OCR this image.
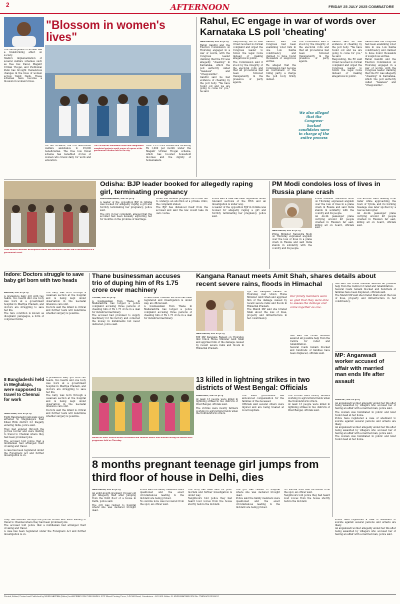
2	AFTERNOON	FRIDAY 25 JULY 2025 COIMBATORE
"Blossom in women's lives"

The development of women has a transforming effect on society.

Stalin's implementation of several welfare schemes such as free bus travel, Magalir Urimai Thogai, and Pudhumai Penn has brought tremendous changes in the lives of women across Tamil Nadu. These schemes have become a blossom in women's lives.

On the occasion, the CM distributed welfare assistance to 25,000 beneficiaries. The free bus travel scheme has benefited crores of women who travel daily for work and education.

The CM laid the foundation stone and inaugurated completed projects worth crores of rupees at the government function held in the city.

Over 1.15 crore women are receiving Rs 1,000 per month under the Magalir Urimai Thogai scheme, which has boosted household incomes and the dignity of homemakers.

Rahul, EC engage in war of words over Karnataka LS poll 'cheating'
NEW DELHI, JUL 25 (PTI)

Rahul Gandhi and the Election Commission on Thursday engaged in a war of words, with the Congress leader claiming that the EC was allegedly "cheating" in Karnataka, which the poll authority called "baseless" and "irresponsible".

Gandhi said he had evidence of cheating by the poll body. "We have found out and we are going to come for you," he said.

Responding, the EC said it had received no formal complaint and urged the Congress leader to follow the legal route instead of making allegations in public.

The Commission said it stood by the integrity of the electoral rolls and that all procedures had been followed transparently in the presence of party agents.

Gandhi said the Congress had been examining voter lists in one Lok Sabha constituency and claimed to have found thousands of suspicious entries.

He alleged that the Commission had become an instrument of the ruling party, a charge the poll body firmly denied.

The Commission said it stood by the integrity of the electoral rolls and that all procedures had been followed transparently in the presence of party agents.

We also alleged that the Congress-backed candidates were in charge of the entire process

Gandhi said he had evidence of cheating by the poll body. "We have found out and we are going to come for you," he said.

Responding, the EC said it had received no formal complaint and urged the Congress leader to follow the legal route instead of making allegations in public.

Gandhi said the Congress had been examining voter lists in one Lok Sabha constituency and claimed to have found thousands of suspicious entries.

Rahul Gandhi and the Election Commission on Thursday engaged in a war of words, with the Congress leader claiming that the EC was allegedly "cheating" in Karnataka, which the poll authority called "baseless" and "irresponsible".

Odisha: BJP leader booked for allegedly raping girl, terminating pregnancy
Chief Minister launches development works and distributes welfare aid to beneficiaries at a government event.
BHUBANESWAR, JUL 25 (PTI)

A leader of the opposition BJP in Odisha was booked for allegedly raping a girl and forcibly terminating her pregnancy, police said.

The girl, in her complaint, alleged that the accused had been sexually exploiting her for months on the promise of marriage.

When she became pregnant, he forced her to undergo an abortion at a private clinic, the complaint stated.

The BJP has distanced itself from the accused and said the law would take its own course.

Police said a case has been registered under relevant sections of the BNS and an investigation is under way.

A leader of the opposition BJP in Odisha was booked for allegedly raping a girl and forcibly terminating her pregnancy, police said.

PM Modi condoles loss of lives in Russia plane crash
NEW DELHI, JUL 25 (PTI)

Prime Minister Narendra Modi on Thursday expressed anguish over the loss of lives in a plane crash in Russia and said India stands in solidarity with the country and its people.

Prime Minister Narendra Modi on Thursday expressed anguish over the loss of lives in a plane crash in Russia and said India stands in solidarity with the country and its people.

An An-24 passenger plane carrying around 48 people crashed in Russia's far east, killing all on board, officials said.

The aircraft went missing from radar while approaching the town of Tynda, and its burning fuselage was later spotted by a rescue helicopter.

An An-24 passenger plane carrying around 48 people crashed in Russia's far east, killing all on board, officials said.

Indore: Doctors struggle to save baby girl born with two heads
INDORE, JUL 25 (PTI)

A premature baby girl with two heads, two hearts and one body was born at a government hospital in Madhya Pradesh, and doctors are struggling to save her life.

The rare condition is known as dicephalic parapagus, a form of conjoined twins.

The baby was born through a cesarean section at the hospital and is being kept under observation in the neonatal intensive care unit.

Doctors said the infant is critical and further tests will determine whether surgery is possible.

8 Bangladeshi held in Meghalaya, were supposed to travel to Chennai for work
SHILLONG, JUL 25 (PTI)

Eight Bangladeshi nationals were arrested in Meghalaya's East Khasi Hills district for illegally entering India, police said.

They had entered through the porous border and were waiting to travel to Chennai where they had been promised jobs.

The accused told police that a middleman had arranged their crossing and travel.

A case has been registered under the Foreigners Act and further investigation is on.

A premature baby girl with two heads, two hearts and one body was born at a government hospital in Madhya Pradesh, and doctors are struggling to save her life.

The baby was born through a cesarean section at the hospital and is being kept under observation in the neonatal intensive care unit.

Doctors said the infant is critical and further tests will determine whether surgery is possible.

Thane businessman accuses trio of duping him of Rs 1.75 crore over machinery
THANE, JUL 25 (PTI)

A businessman from Thane in Maharashtra has lodged a police complaint accusing three persons of cheating him of Rs 1.75 crore in a deal for industrial machinery.

The accused had promised to supply machinery for his factory and collected the money in instalments but never delivered, police said.

A case under relevant sections has been registered and investigation is under way, an official said.

A businessman from Thane in Maharashtra has lodged a police complaint accusing three persons of cheating him of Rs 1.75 crore in a deal for industrial machinery.

Kangana Ranaut meets Amit Shah, shares details about recent severe rains, floods in Himachal
NEW DELHI, JUL 25 (PTI)

BJP MP Kangana Ranaut on Thursday met Union Home Minister Amit Shah and apprised him of the damage caused by recent severe rains and floods in Himachal Pradesh.

BJP MP Kangana Ranaut on Thursday met Union Home Minister Amit Shah and apprised him of the damage caused by recent severe rains and floods in Himachal Pradesh.

The Mandi MP said she briefed Shah about the loss of lives, property and infrastructure in her constituency.

Our family members were so glad that they were able to assess the damage and come together as one.

She said the Home Minister assured all possible help from the Centre for relief and rehabilitation.

Several roads remain blocked and hundreds of families have been displaced, officials said.

She said the Home Minister assured all possible help from the Centre for relief and rehabilitation.

Several roads remain blocked and hundreds of families have been displaced, officials said.

The Mandi MP said she briefed Shah about the loss of lives, property and infrastructure in her constituency.

MP: Anganwadi worker accused of affair with married man ends life after assault
BHOPAL, JUL 25 (PTI)

An anganwadi worker allegedly ended her life after being assaulted by villagers who accused her of having an affair with a married man, police said.

The woman was humiliated in public and later found dead at her home.

Police have registered a case of abetment to suicide against several persons and arrests are likely.

An anganwadi worker allegedly ended her life after being assaulted by villagers who accused her of having an affair with a married man, police said.

The woman was humiliated in public and later found dead at her home.

Women of SHGs receive welfare assistance and sanction letters from officials during the district-level programme held on Thursday.
13 killed in lightning strikes in two districts of West Bengal: Officials
BANKURA, JUL 25 (PTI)

At least 13 people were killed in lightning strikes in two districts of West Bengal, officials said.

The victims were mostly farmers working in agricultural fields when the thunderstorm struck.

The state government has announced compensation for the families of the deceased.

Officials said several others were injured and are being treated at local hospitals.

The victims were mostly farmers working in agricultural fields when the thunderstorm struck.

At least 13 people were killed in lightning strikes in two districts of West Bengal, officials said.

8 months pregnant teenage girl jumps from third floor of house in Delhi, dies
NEW DELHI, JUL 25 (PTI)

An eight-month pregnant 19-year-old girl allegedly died after jumping from the third floor of a house in Delhi, police said.

The girl was rushed to hospital where she was declared brought dead.

Police said the family members were questioned and the exact circumstances leading to the incident are being probed.

No suicide note was recovered from the spot, an officer said.

The body has been sent for post-mortem and further investigation is under way.

Neighbours told police they had heard loud voices from the house shortly before the incident.

The girl was rushed to hospital where she was declared brought dead.

Police said the family members were questioned and the exact circumstances leading to the incident are being probed.

No suicide note was recovered from the spot, an officer said.

Neighbours told police they had heard loud voices from the house shortly before the incident.

They had entered through the porous border and were waiting to travel to Chennai where they had been promised jobs.

The accused told police that a middleman had arranged their crossing and travel.

A case has been registered under the Foreigners Act and further investigation is on.

Police have registered a case of abetment to suicide against several persons and arrests are likely.

An anganwadi worker allegedly ended her life after being assaulted by villagers who accused her of having an affair with a married man, police said.

Printed, Edited, Printed and Published by MURUGAPPAN (Editor) for ASPIRATIONS PUBLISHING. RTP Mixed Printing Press, 145 Mill Road, Coimbatore - 641 009. Editor: R. MURUGAPPAN. RNI No. TNENG/2013/50412
